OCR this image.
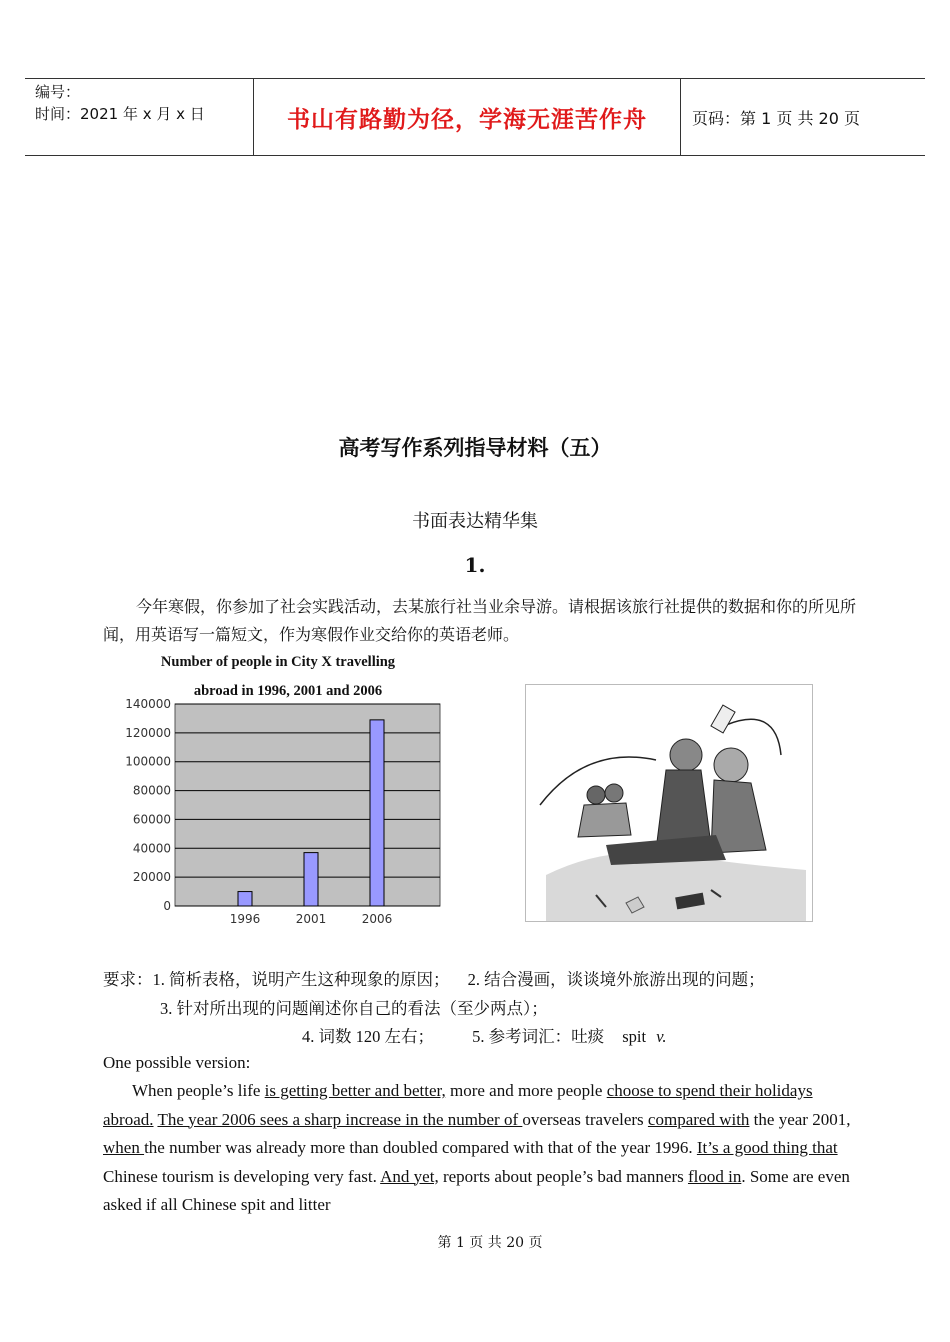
编号：
时间：2021 年 x 月 x 日	书山有路勤为径，学海无涯苦作舟	页码：第 1 页 共 20 页
高考写作系列指导材料（五）
书面表达精华集
1.
今年寒假，你参加了社会实践活动，去某旅行社当业余导游。请根据该旅行社提供的数据和你的所见所闻，用英语写一篇短文，作为寒假作业交给你的英语老师。
Number of people in City X travelling
abroad in 1996, 2001 and 2006
0
20000
40000
60000
80000
100000
120000
140000
1996	2001	2006
要求：1. 简析表格，说明产生这种现象的原因； 2. 结合漫画，谈谈境外旅游出现的问题；
3. 针对所出现的问题阐述你自己的看法（至少两点）；
4. 词数 120 左右； 5. 参考词汇：吐痰 spit v.
One possible version:
When people’s life is getting better and better, more and more people choose to spend their holidays abroad. The year 2006 sees a sharp increase in the number of overseas travelers compared with the year 2001, when the number was already more than doubled compared with that of the year 1996. It’s a good thing that Chinese tourism is developing very fast. And yet, reports about people’s bad manners flood in. Some are even asked if all Chinese spit and litter
第 1 页 共 20 页
